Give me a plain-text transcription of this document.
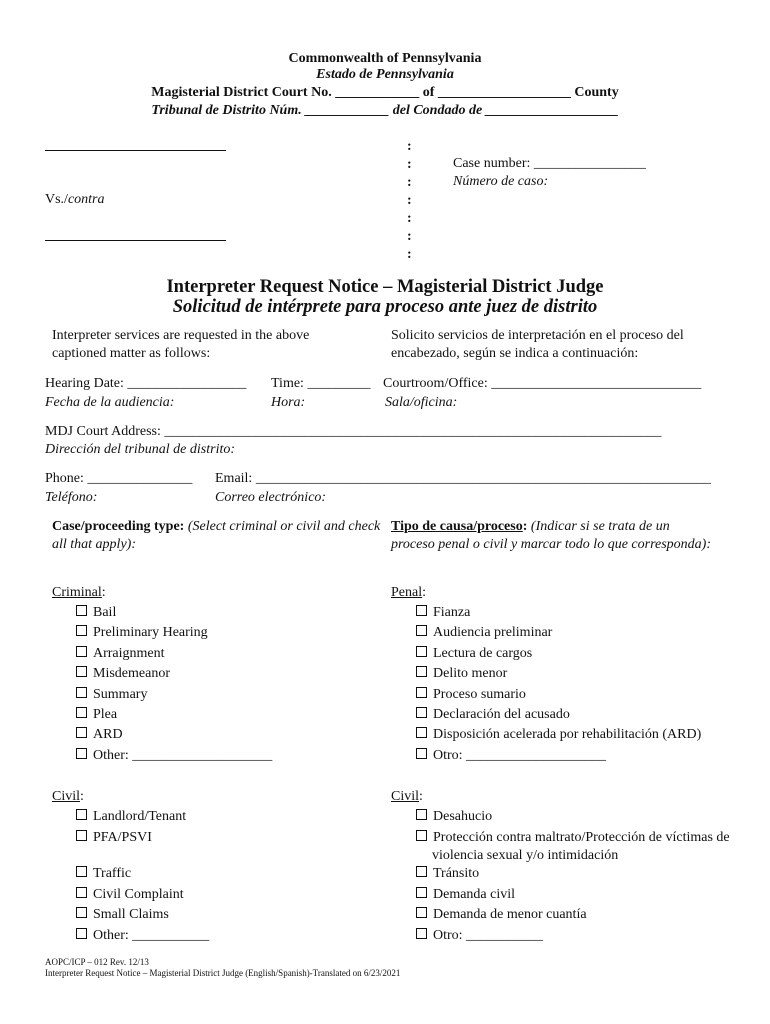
Commonwealth of Pennsylvania
Estado de Pennsylvania
Magisterial District Court No. ____________ of ___________________ County
Tribunal de Distrito Núm. ____________ del Condado de ___________________
Vs./contra
:
:
:
:
:
:
:
Case number: ________________
Número de caso:
Interpreter Request Notice – Magisterial District Judge
Solicitud de intérprete para proceso ante juez de distrito
Interpreter services are requested in the above captioned matter as follows:
Solicito servicios de interpretación en el proceso del encabezado, según se indica a continuación:
Hearing Date: _________________ Time: _________ Courtroom/Office: ______________________________
Fecha de la audiencia:	Hora:	Sala/oficina:
MDJ Court Address: _______________________________________________________________________
Dirección del tribunal de distrito:
Phone: _______________ Email: _________________________________________________________________
Teléfono:	Correo electrónico:
Case/proceeding type: (Select criminal or civil and check all that apply):
Tipo de causa/proceso: (Indicar si se trata de un proceso penal o civil y marcar todo lo que corresponda):
Criminal:	Penal:
Bail
Preliminary Hearing
Arraignment
Misdemeanor
Summary
Plea
ARD
Other: ____________________
Fianza
Audiencia preliminar
Lectura de cargos
Delito menor
Proceso sumario
Declaración del acusado
Disposición acelerada por rehabilitación (ARD)
Otro: ____________________
Civil:	Civil:
Landlord/Tenant
PFA/PSVI
Traffic
Civil Complaint
Small Claims
Other: ___________
Desahucio
Protección contra maltrato/Protección de víctimas de violencia sexual y/o intimidación
Tránsito
Demanda civil
Demanda de menor cuantía
Otro: ___________
AOPC/ICP – 012 Rev. 12/13
Interpreter Request Notice – Magisterial District Judge (English/Spanish)-Translated on 6/23/2021
